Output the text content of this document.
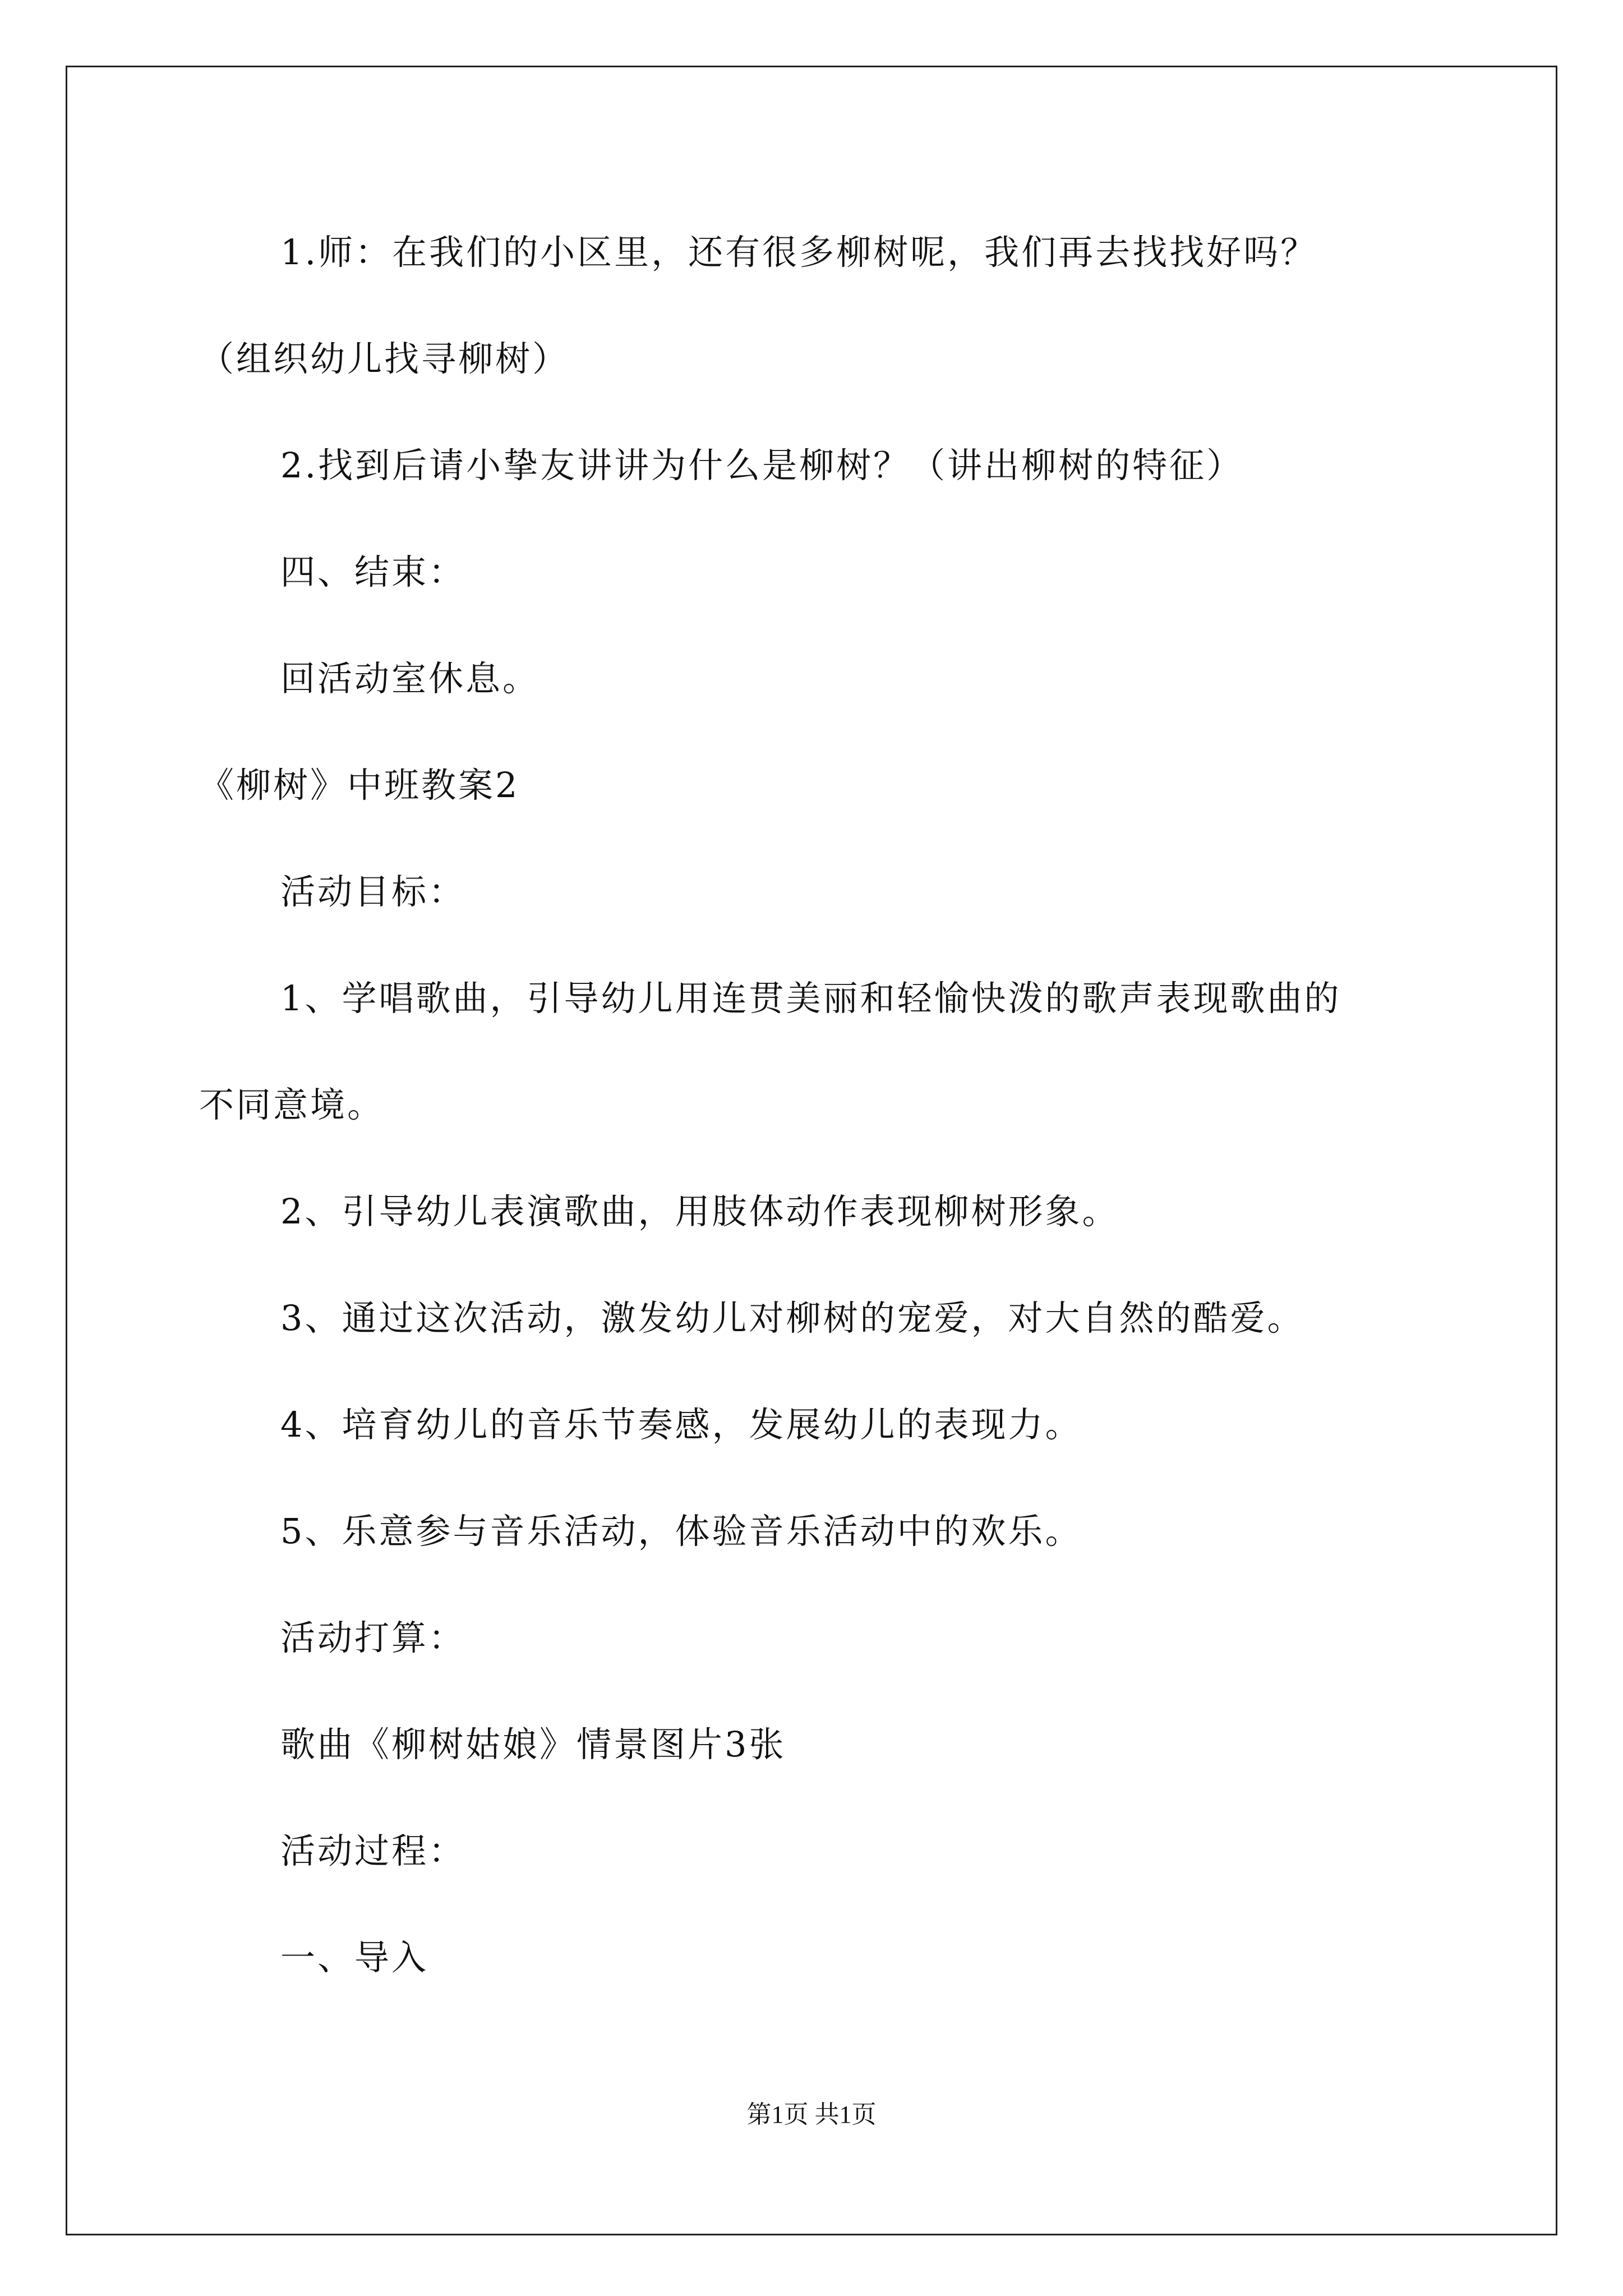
1.师：在我们的小区里，还有很多柳树呢，我们再去找找好吗？
（组织幼儿找寻柳树）
2.找到后请小挚友讲讲为什么是柳树？（讲出柳树的特征）
四、结束：
回活动室休息。
《柳树》中班教案2
活动目标：
1、学唱歌曲，引导幼儿用连贯美丽和轻愉快泼的歌声表现歌曲的
不同意境。
2、引导幼儿表演歌曲，用肢体动作表现柳树形象。
3、通过这次活动，激发幼儿对柳树的宠爱，对大自然的酷爱。
4、培育幼儿的音乐节奏感，发展幼儿的表现力。
5、乐意参与音乐活动，体验音乐活动中的欢乐。
活动打算：
歌曲《柳树姑娘》情景图片3张
活动过程：
一、导入
第1页 共1页
